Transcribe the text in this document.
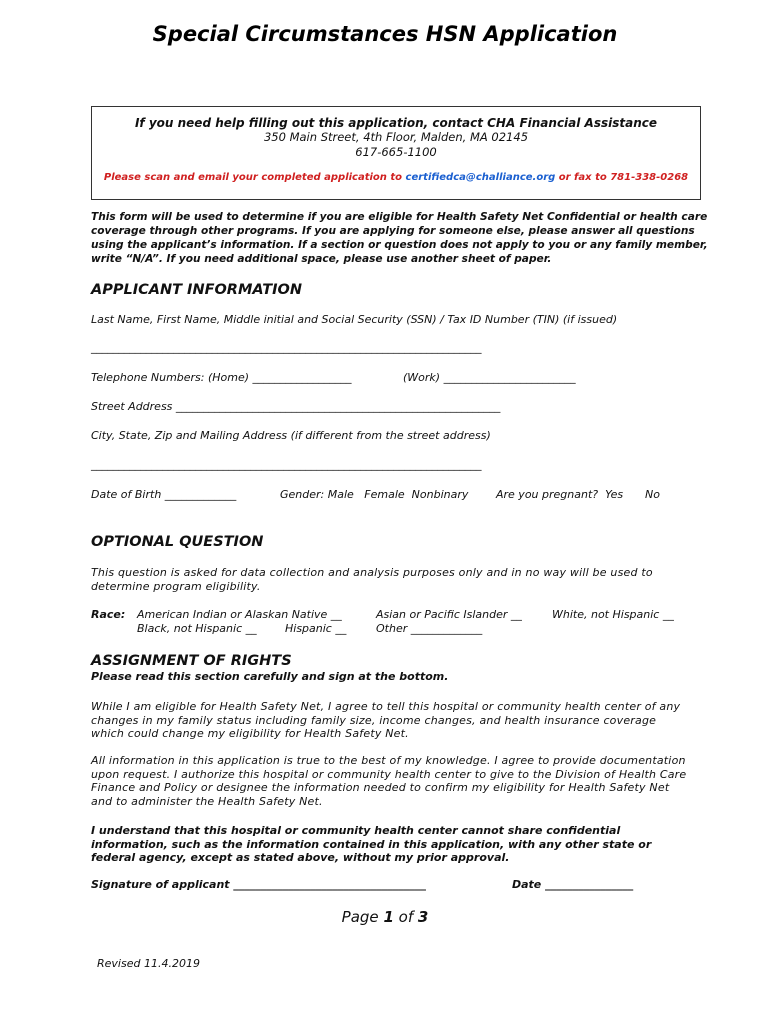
Special Circumstances HSN Application
If you need help filling out this application, contact CHA Financial Assistance
350 Main Street, 4th Floor, Malden, MA 02145
617-665-1100
Please scan and email your completed application to certifiedca@challiance.org or fax to 781-338-0268
This form will be used to determine if you are eligible for Health Safety Net Confidential or health care coverage through other programs. If you are applying for someone else, please answer all questions using the applicant’s information. If a section or question does not apply to you or any family member, write “N/A”. If you need additional space, please use another sheet of paper.
APPLICANT INFORMATION
Last Name, First Name, Middle initial and Social Security (SSN) / Tax ID Number (TIN) (if issued)
_______________________________________________________________________
Telephone Numbers: (Home) __________________	(Work) ________________________
Street Address ___________________________________________________________
City, State, Zip and Mailing Address (if different from the street address)
_______________________________________________________________________
Date of Birth _____________	Gender: Male   Female  Nonbinary	Are you pregnant?  Yes No
OPTIONAL QUESTION
This question is asked for data collection and analysis purposes only and in no way will be used to determine program eligibility.
Race: American Indian or Alaskan Native __	Asian or Pacific Islander __	White, not Hispanic __
Black, not Hispanic __	Hispanic __	Other _____________
ASSIGNMENT OF RIGHTS
Please read this section carefully and sign at the bottom.
While I am eligible for Health Safety Net, I agree to tell this hospital or community health center of any changes in my family status including family size, income changes, and health insurance coverage which could change my eligibility for Health Safety Net.
All information in this application is true to the best of my knowledge. I agree to provide documentation upon request. I authorize this hospital or community health center to give to the Division of Health Care Finance and Policy or designee the information needed to confirm my eligibility for Health Safety Net and to administer the Health Safety Net.
I understand that this hospital or community health center cannot share confidential information, such as the information contained in this application, with any other state or federal agency, except as stated above, without my prior approval.
Signature of applicant ___________________________________	Date ________________
Page 1 of 3
Revised 11.4.2019
